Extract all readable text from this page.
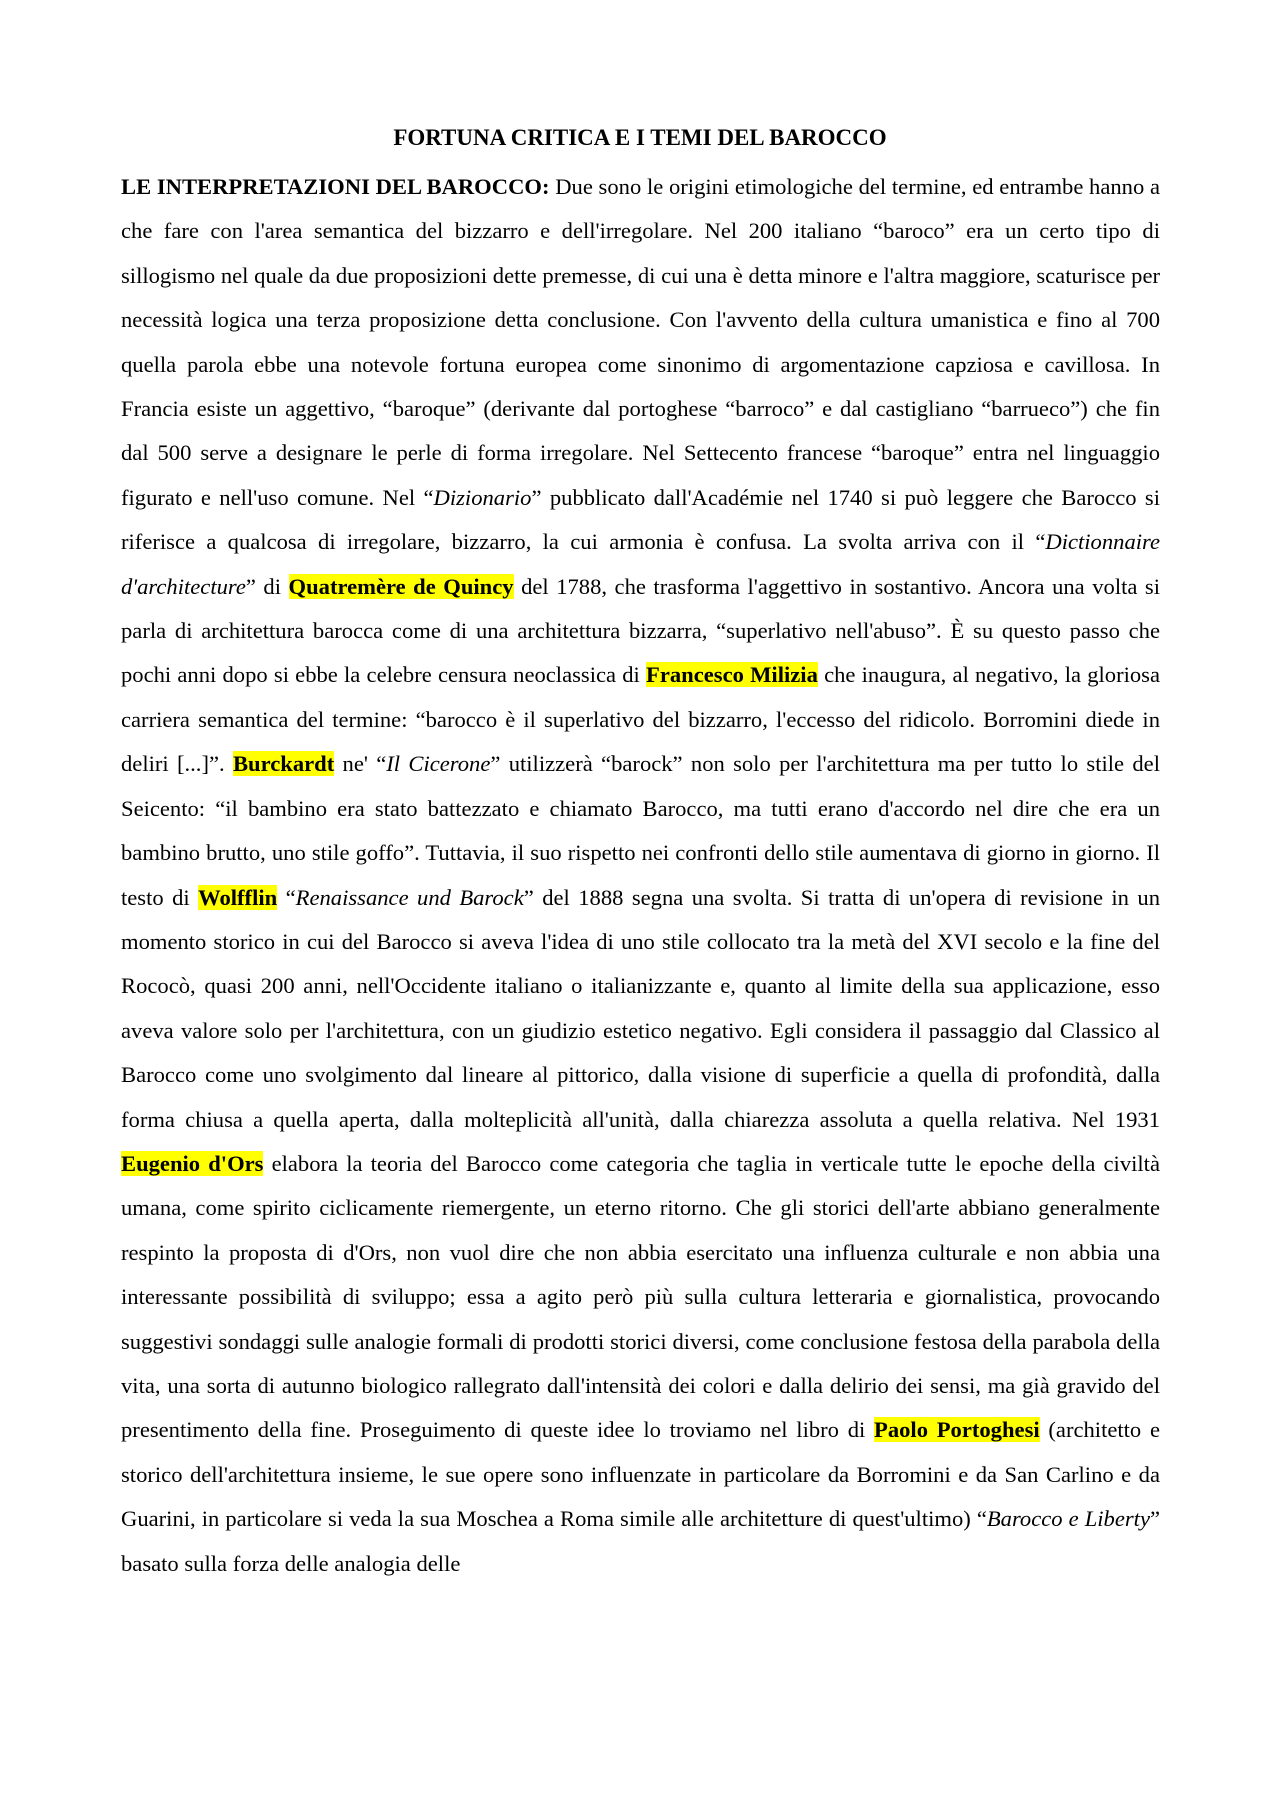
FORTUNA CRITICA E I TEMI DEL BAROCCO

LE INTERPRETAZIONI DEL BAROCCO: Due sono le origini etimologiche del termine, ed entrambe hanno a che fare con l'area semantica del bizzarro e dell'irregolare. Nel 200 italiano “baroco” era un certo tipo di sillogismo nel quale da due proposizioni dette premesse, di cui una è detta minore e l'altra maggiore, scaturisce per necessità logica una terza proposizione detta conclusione. Con l'avvento della cultura umanistica e fino al 700 quella parola ebbe una notevole fortuna europea come sinonimo di argomentazione capziosa e cavillosa. In Francia esiste un aggettivo, “baroque” (derivante dal portoghese “barroco” e dal castigliano “barrueco”) che fin dal 500 serve a designare le perle di forma irregolare. Nel Settecento francese “baroque” entra nel linguaggio figurato e nell'uso comune. Nel “Dizionario” pubblicato dall'Académie nel 1740 si può leggere che Barocco si riferisce a qualcosa di irregolare, bizzarro, la cui armonia è confusa. La svolta arriva con il “Dictionnaire d'architecture” di Quatremère de Quincy del 1788, che trasforma l'aggettivo in sostantivo. Ancora una volta si parla di architettura barocca come di una architettura bizzarra, “superlativo nell'abuso”. È su questo passo che pochi anni dopo si ebbe la celebre censura neoclassica di Francesco Milizia che inaugura, al negativo, la gloriosa carriera semantica del termine: “barocco è il superlativo del bizzarro, l'eccesso del ridicolo. Borromini diede in deliri [...]”. Burckardt ne' “Il Cicerone” utilizzerà “barock” non solo per l'architettura ma per tutto lo stile del Seicento: “il bambino era stato battezzato e chiamato Barocco, ma tutti erano d'accordo nel dire che era un bambino brutto, uno stile goffo”. Tuttavia, il suo rispetto nei confronti dello stile aumentava di giorno in giorno. Il testo di Wolfflin “Renaissance und Barock” del 1888 segna una svolta. Si tratta di un'opera di revisione in un momento storico in cui del Barocco si aveva l'idea di uno stile collocato tra la metà del XVI secolo e la fine del Rococò, quasi 200 anni, nell'Occidente italiano o italianizzante e, quanto al limite della sua applicazione, esso aveva valore solo per l'architettura, con un giudizio estetico negativo. Egli considera il passaggio dal Classico al Barocco come uno svolgimento dal lineare al pittorico, dalla visione di superficie a quella di profondità, dalla forma chiusa a quella aperta, dalla molteplicità all'unità, dalla chiarezza assoluta a quella relativa. Nel 1931 Eugenio d'Ors elabora la teoria del Barocco come categoria che taglia in verticale tutte le epoche della civiltà umana, come spirito ciclicamente riemergente, un eterno ritorno. Che gli storici dell'arte abbiano generalmente respinto la proposta di d'Ors, non vuol dire che non abbia esercitato una influenza culturale e non abbia una interessante possibilità di sviluppo; essa a agito però più sulla cultura letteraria e giornalistica, provocando suggestivi sondaggi sulle analogie formali di prodotti storici diversi, come conclusione festosa della parabola della vita, una sorta di autunno biologico rallegrato dall'intensità dei colori e dalla delirio dei sensi, ma già gravido del presentimento della fine. Proseguimento di queste idee lo troviamo nel libro di Paolo Portoghesi (architetto e storico dell'architettura insieme, le sue opere sono influenzate in particolare da Borromini e da San Carlino e da Guarini, in particolare si veda la sua Moschea a Roma simile alle architetture di quest'ultimo) “Barocco e Liberty” basato sulla forza delle analogia delle
